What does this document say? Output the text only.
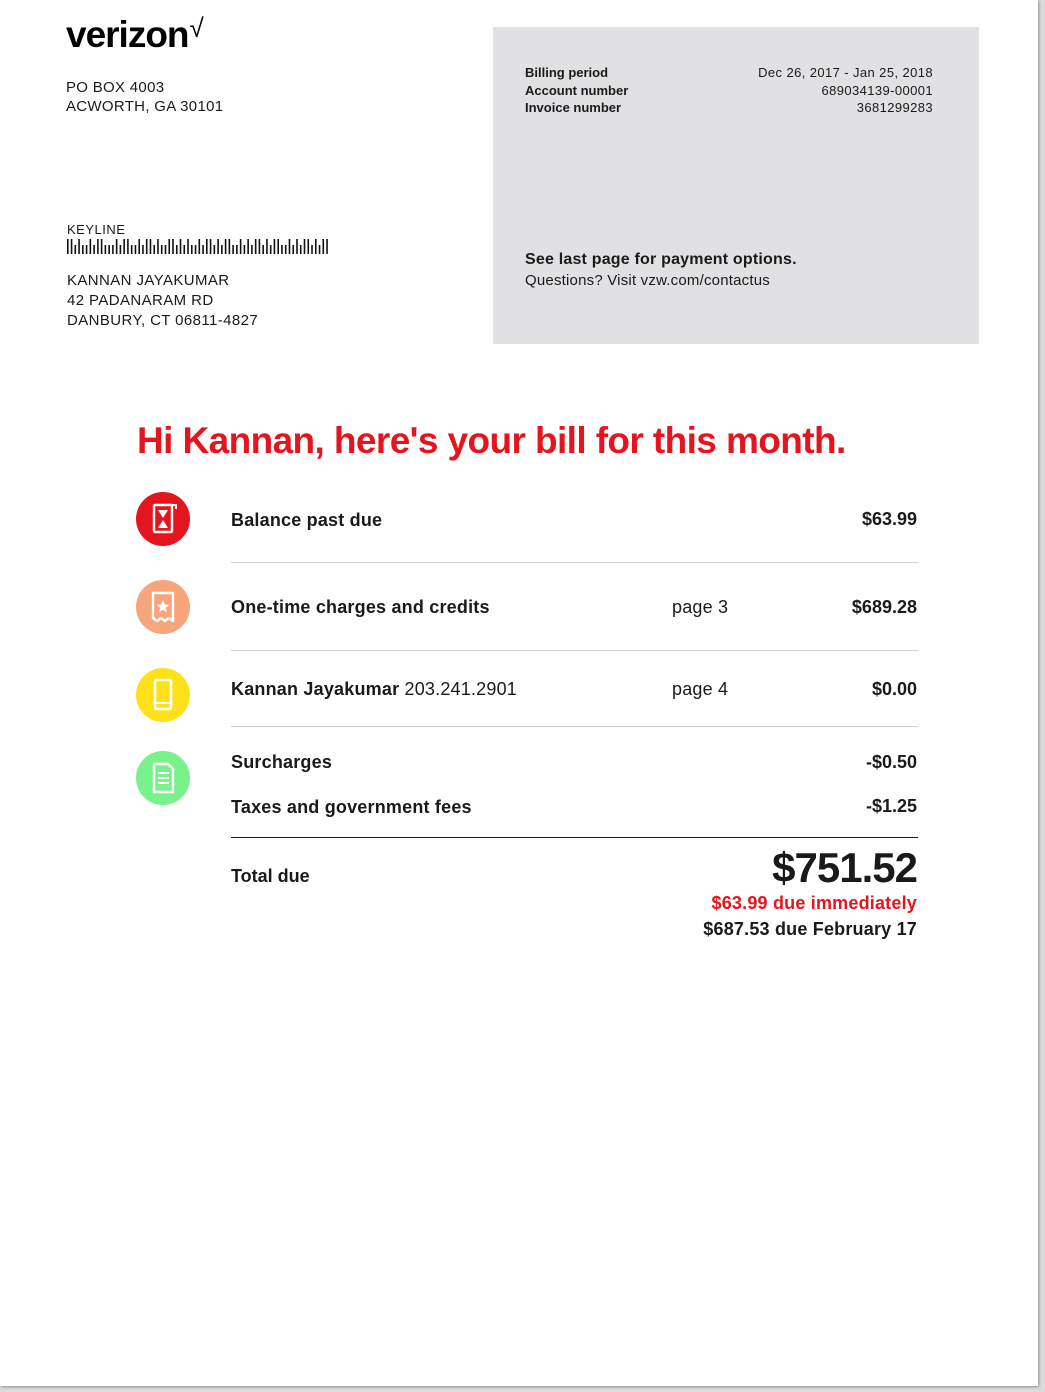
verizon√
PO BOX 4003
ACWORTH, GA 30101
KEYLINE
KANNAN JAYAKUMAR
42 PADANARAM RD
DANBURY, CT 06811-4827
Billing period	Dec 26, 2017 - Jan 25, 2018
Account number	689034139-00001
Invoice number	3681299283
See last page for payment options.
Questions? Visit vzw.com/contactus
Hi Kannan, here's your bill for this month.
Balance past due	$63.99
One-time charges and credits	page 3	$689.28
Kannan Jayakumar 203.241.2901	page 4	$0.00
Surcharges	-$0.50
Taxes and government fees	-$1.25
Total due	$751.52
$63.99 due immediately
$687.53 due February 17
